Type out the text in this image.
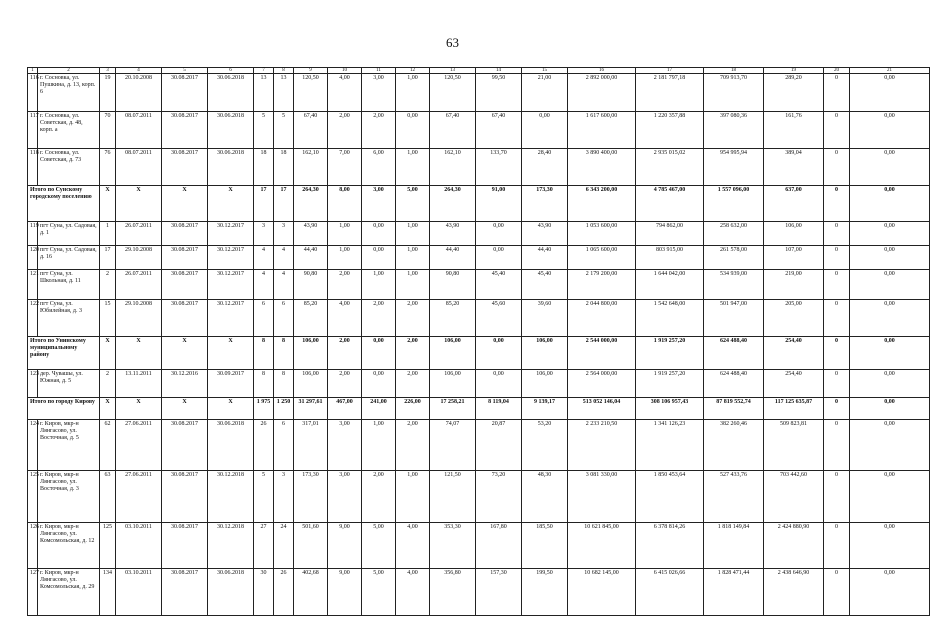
63
1	2	3	4	5	6	7	8	9	10	11	12	13	14	15	16	17	18	19	20	21
116	г. Сосновка, ул. Пушкина, д. 13, корп. 6	19	20.10.2008	30.08.2017	30.06.2018	13	13	120,50	4,00	3,00	1,00	120,50	99,50	21,00	2 892 000,00	2 181 797,18	709 913,70	289,20	0	0,00
117	г. Сосновка, ул. Советская, д. 48, корп. а	70	08.07.2011	30.08.2017	30.06.2018	5	5	67,40	2,00	2,00	0,00	67,40	67,40	0,00	1 617 600,00	1 220 357,88	397 080,36	161,76	0	0,00
118	г. Сосновка, ул. Советская, д. 73	76	08.07.2011	30.08.2017	30.06.2018	18	18	162,10	7,00	6,00	1,00	162,10	133,70	28,40	3 890 400,00	2 935 015,02	954 995,94	389,04	0	0,00
Итого по Сунскому городскому поселению		X	X	X	X	17	17	264,30	8,00	3,00	5,00	264,30	91,00	173,30	6 343 200,00	4 785 467,00	1 557 096,00	637,00	0	0,00
119	пгт Суна, ул. Садовая, д. 1	1	26.07.2011	30.08.2017	30.12.2017	3	3	43,90	1,00	0,00	1,00	43,90	0,00	43,90	1 053 600,00	794 862,00	258 632,00	106,00	0	0,00
120	пгт Суна, ул. Садовая, д. 16	17	29.10.2008	30.08.2017	30.12.2017	4	4	44,40	1,00	0,00	1,00	44,40	0,00	44,40	1 065 600,00	803 915,00	261 578,00	107,00	0	0,00
121	пгт Суна, ул. Школьная, д. 11	2	26.07.2011	30.08.2017	30.12.2017	4	4	90,80	2,00	1,00	1,00	90,80	45,40	45,40	2 179 200,00	1 644 042,00	534 939,00	219,00	0	0,00
122	пгт Суна, ул. Юбилейная, д. 3	15	29.10.2008	30.08.2017	30.12.2017	6	6	85,20	4,00	2,00	2,00	85,20	45,60	39,60	2 044 800,00	1 542 648,00	501 947,00	205,00	0	0,00
Итого по Унинскому муниципальному району		X	X	X	X	8	8	106,00	2,00	0,00	2,00	106,00	0,00	106,00	2 544 000,00	1 919 257,20	624 488,40	254,40	0	0,00
123	дер. Чувашы, ул. Южная, д. 5	2	13.11.2011	30.12.2016	30.09.2017	8	8	106,00	2,00	0,00	2,00	106,00	0,00	106,00	2 564 000,00	1 919 257,20	624 488,40	254,40	0	0,00
Итого по городу Кирову		X	X	X	X	1 975	1 250	31 297,61	467,00	241,00	226,00	17 258,21	8 119,04	9 139,17	513 052 146,04	308 106 957,43	87 819 552,74	117 125 635,87	0	0,00
124	г. Киров, мкр-н Лянгасово, ул. Восточная, д. 5	62	27.06.2011	30.08.2017	30.06.2018	26	6	317,01	3,00	1,00	2,00	74,07	20,87	53,20	2 233 210,50	1 341 126,23	382 260,46	509 823,81	0	0,00
125	г. Киров, мкр-н Лянгасово, ул. Восточная, д. 3	63	27.06.2011	30.08.2017	30.12.2018	5	3	173,30	3,00	2,00	1,00	121,50	73,20	48,30	3 081 330,00	1 850 453,64	527 433,76	703 442,60	0	0,00
126	г. Киров, мкр-н Лянгасово, ул. Комсомольская, д. 12	125	03.10.2011	30.08.2017	30.12.2018	27	24	501,60	9,00	5,00	4,00	353,30	167,80	185,50	10 621 845,00	6 378 814,26	1 818 149,84	2 424 880,90	0	0,00
127	г. Киров, мкр-н Лянгасово, ул. Комсомольская, д. 29	134	03.10.2011	30.08.2017	30.06.2018	30	26	402,68	9,00	5,00	4,00	356,80	157,30	199,50	10 682 145,00	6 415 026,66	1 828 471,44	2 438 646,90	0	0,00
